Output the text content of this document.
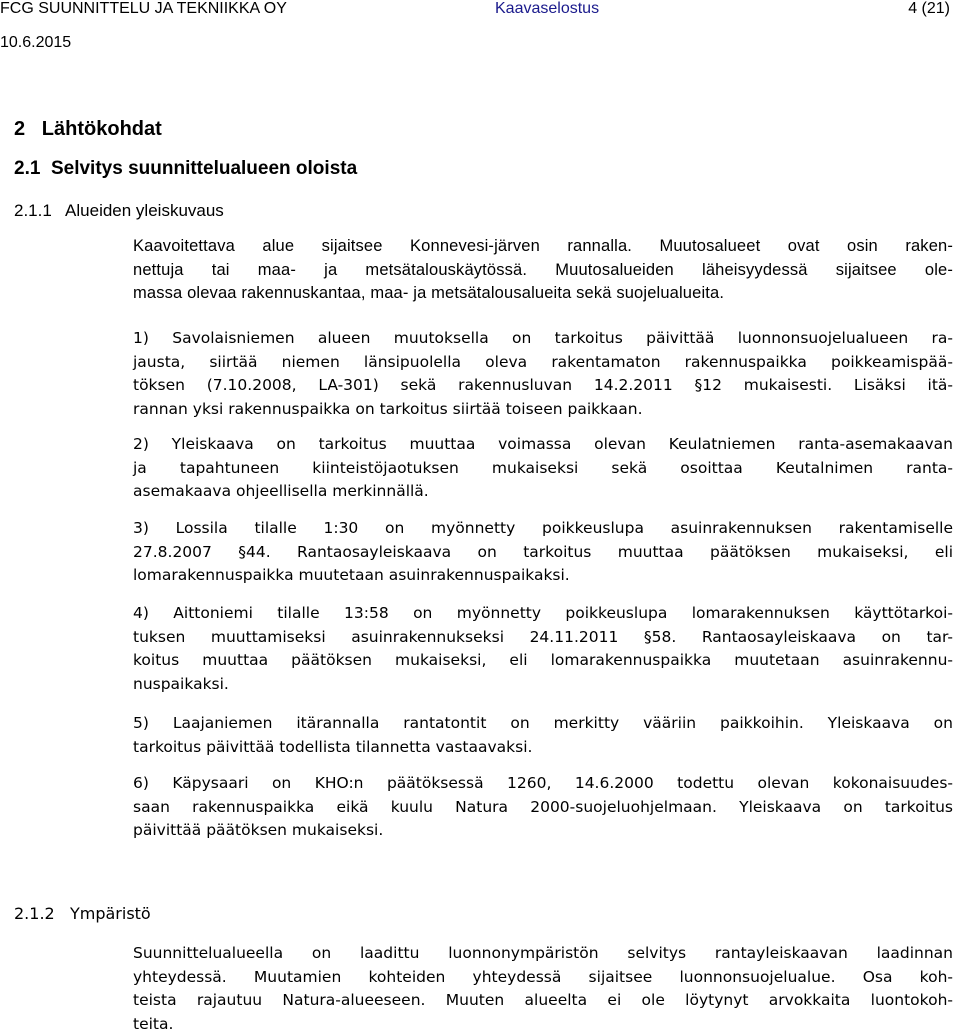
FCG SUUNNITTELU JA TEKNIIKKA OY	Kaavaselostus	4 (21)
10.6.2015
2   Lähtökohdat
2.1  Selvitys suunnittelualueen oloista
2.1.1   Alueiden yleiskuvaus
Kaavoitettava alue sijaitsee Konnevesi-järven rannalla. Muutosalueet ovat osin raken-
nettuja tai maa- ja metsätalouskäytössä. Muutosalueiden läheisyydessä sijaitsee ole-
massa olevaa rakennuskantaa, maa- ja metsätalousalueita sekä suojelualueita.
1) Savolaisniemen alueen muutoksella on tarkoitus päivittää luonnonsuojelualueen ra-
jausta, siirtää niemen länsipuolella oleva rakentamaton rakennuspaikka poikkeamispää-
töksen (7.10.2008, LA-301) sekä rakennusluvan 14.2.2011 §12 mukaisesti. Lisäksi itä-
rannan yksi rakennuspaikka on tarkoitus siirtää toiseen paikkaan.
2) Yleiskaava on tarkoitus muuttaa voimassa olevan Keulatniemen ranta-asemakaavan
ja tapahtuneen kiinteistöjaotuksen mukaiseksi sekä osoittaa Keutalnimen ranta-
asemakaava ohjeellisella merkinnällä.
3) Lossila tilalle 1:30 on myönnetty poikkeuslupa asuinrakennuksen rakentamiselle
27.8.2007 §44. Rantaosayleiskaava on tarkoitus muuttaa päätöksen mukaiseksi, eli
lomarakennuspaikka muutetaan asuinrakennuspaikaksi.
4) Aittoniemi tilalle 13:58 on myönnetty poikkeuslupa lomarakennuksen käyttötarkoi-
tuksen muuttamiseksi asuinrakennukseksi 24.11.2011 §58. Rantaosayleiskaava on tar-
koitus muuttaa päätöksen mukaiseksi, eli lomarakennuspaikka muutetaan asuinrakennu-
nuspaikaksi.
5) Laajaniemen itärannalla rantatontit on merkitty vääriin paikkoihin. Yleiskaava on
tarkoitus päivittää todellista tilannetta vastaavaksi.
6) Käpysaari on KHO:n päätöksessä 1260, 14.6.2000 todettu olevan kokonaisuudes-
saan rakennuspaikka eikä kuulu Natura 2000-suojeluohjelmaan. Yleiskaava on tarkoitus
päivittää päätöksen mukaiseksi.
2.1.2   Ympäristö
Suunnittelualueella on laadittu luonnonympäristön selvitys rantayleiskaavan laadinnan
yhteydessä. Muutamien kohteiden yhteydessä sijaitsee luonnonsuojelualue. Osa koh-
teista rajautuu Natura-alueeseen. Muuten alueelta ei ole löytynyt arvokkaita luontokoh-
teita.
